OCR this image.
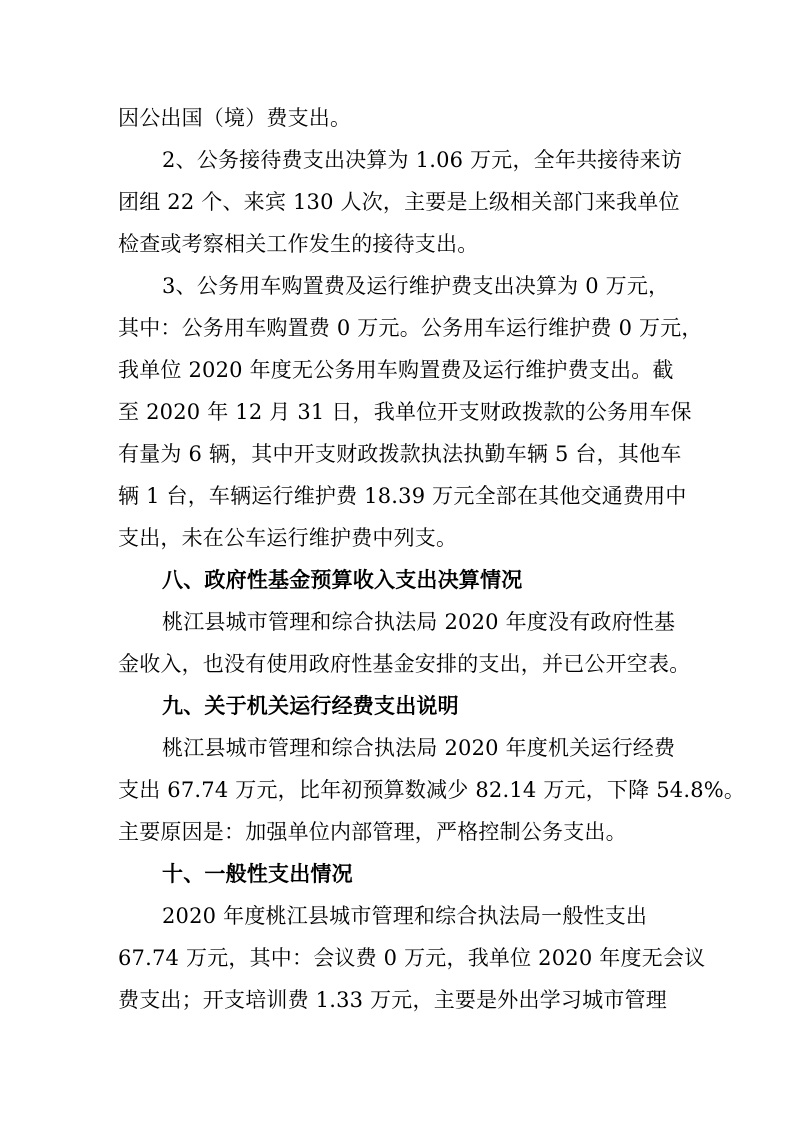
因公出国（境）费支出。
2、公务接待费支出决算为 1.06 万元，全年共接待来访
团组 22 个、来宾 130 人次，主要是上级相关部门来我单位
检查或考察相关工作发生的接待支出。
3、公务用车购置费及运行维护费支出决算为 0 万元，
其中：公务用车购置费 0 万元。公务用车运行维护费 0 万元，
我单位 2020 年度无公务用车购置费及运行维护费支出。截
至 2020 年 12 月 31 日，我单位开支财政拨款的公务用车保
有量为 6 辆，其中开支财政拨款执法执勤车辆 5 台，其他车
辆 1 台，车辆运行维护费 18.39 万元全部在其他交通费用中
支出，未在公车运行维护费中列支。
八、政府性基金预算收入支出决算情况
桃江县城市管理和综合执法局 2020 年度没有政府性基
金收入，也没有使用政府性基金安排的支出，并已公开空表。
九、关于机关运行经费支出说明
桃江县城市管理和综合执法局 2020 年度机关运行经费
支出 67.74 万元，比年初预算数减少 82.14 万元，下降 54.8%。
主要原因是：加强单位内部管理，严格控制公务支出。
十、一般性支出情况
2020 年度桃江县城市管理和综合执法局一般性支出
67.74 万元，其中：会议费 0 万元，我单位 2020 年度无会议
费支出；开支培训费 1.33 万元，主要是外出学习城市管理
